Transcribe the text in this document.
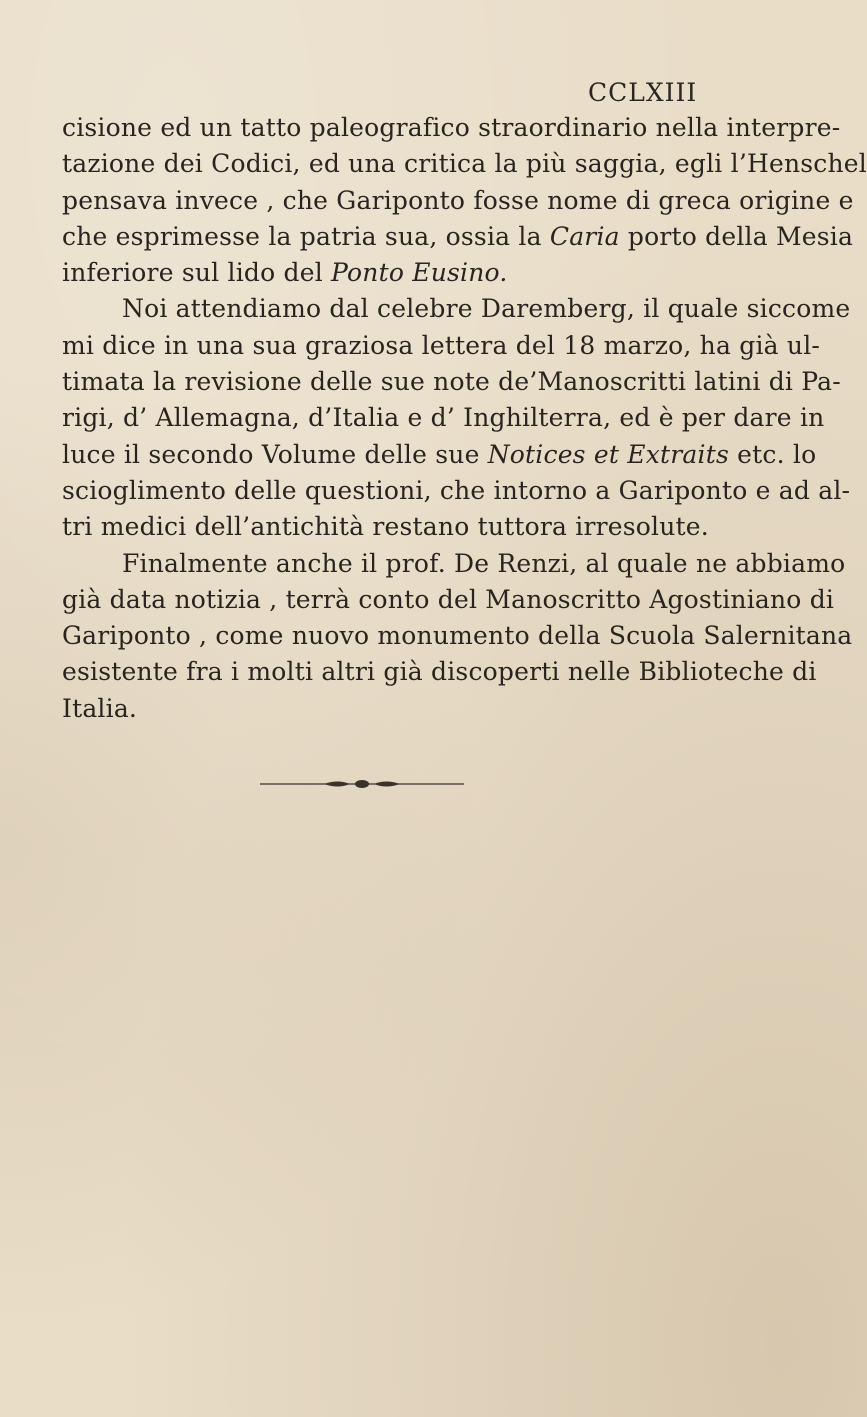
CCLXIII
cisione ed un tatto paleografico straordinario nella interpre-
tazione dei Codici, ed una critica la più saggia, egli l’Henschel
pensava invece , che Gariponto fosse nome di greca origine e
che esprimesse la patria sua, ossia la Caria porto della Mesia
inferiore sul lido del Ponto Eusino.
Noi attendiamo dal celebre Daremberg, il quale siccome
mi dice in una sua graziosa lettera del 18 marzo, ha già ul-
timata la revisione delle sue note de’Manoscritti latini di Pa-
rigi, d’ Allemagna, d’Italia e d’ Inghilterra, ed è per dare in
luce il secondo Volume delle sue Notices et Extraits etc. lo
scioglimento delle questioni, che intorno a Gariponto e ad al-
tri medici dell’antichità restano tuttora irresolute.
Finalmente anche il prof. De Renzi, al quale ne abbiamo
già data notizia , terrà conto del Manoscritto Agostiniano di
Gariponto , come nuovo monumento della Scuola Salernitana
esistente fra i molti altri già discoperti nelle Biblioteche di
Italia.
